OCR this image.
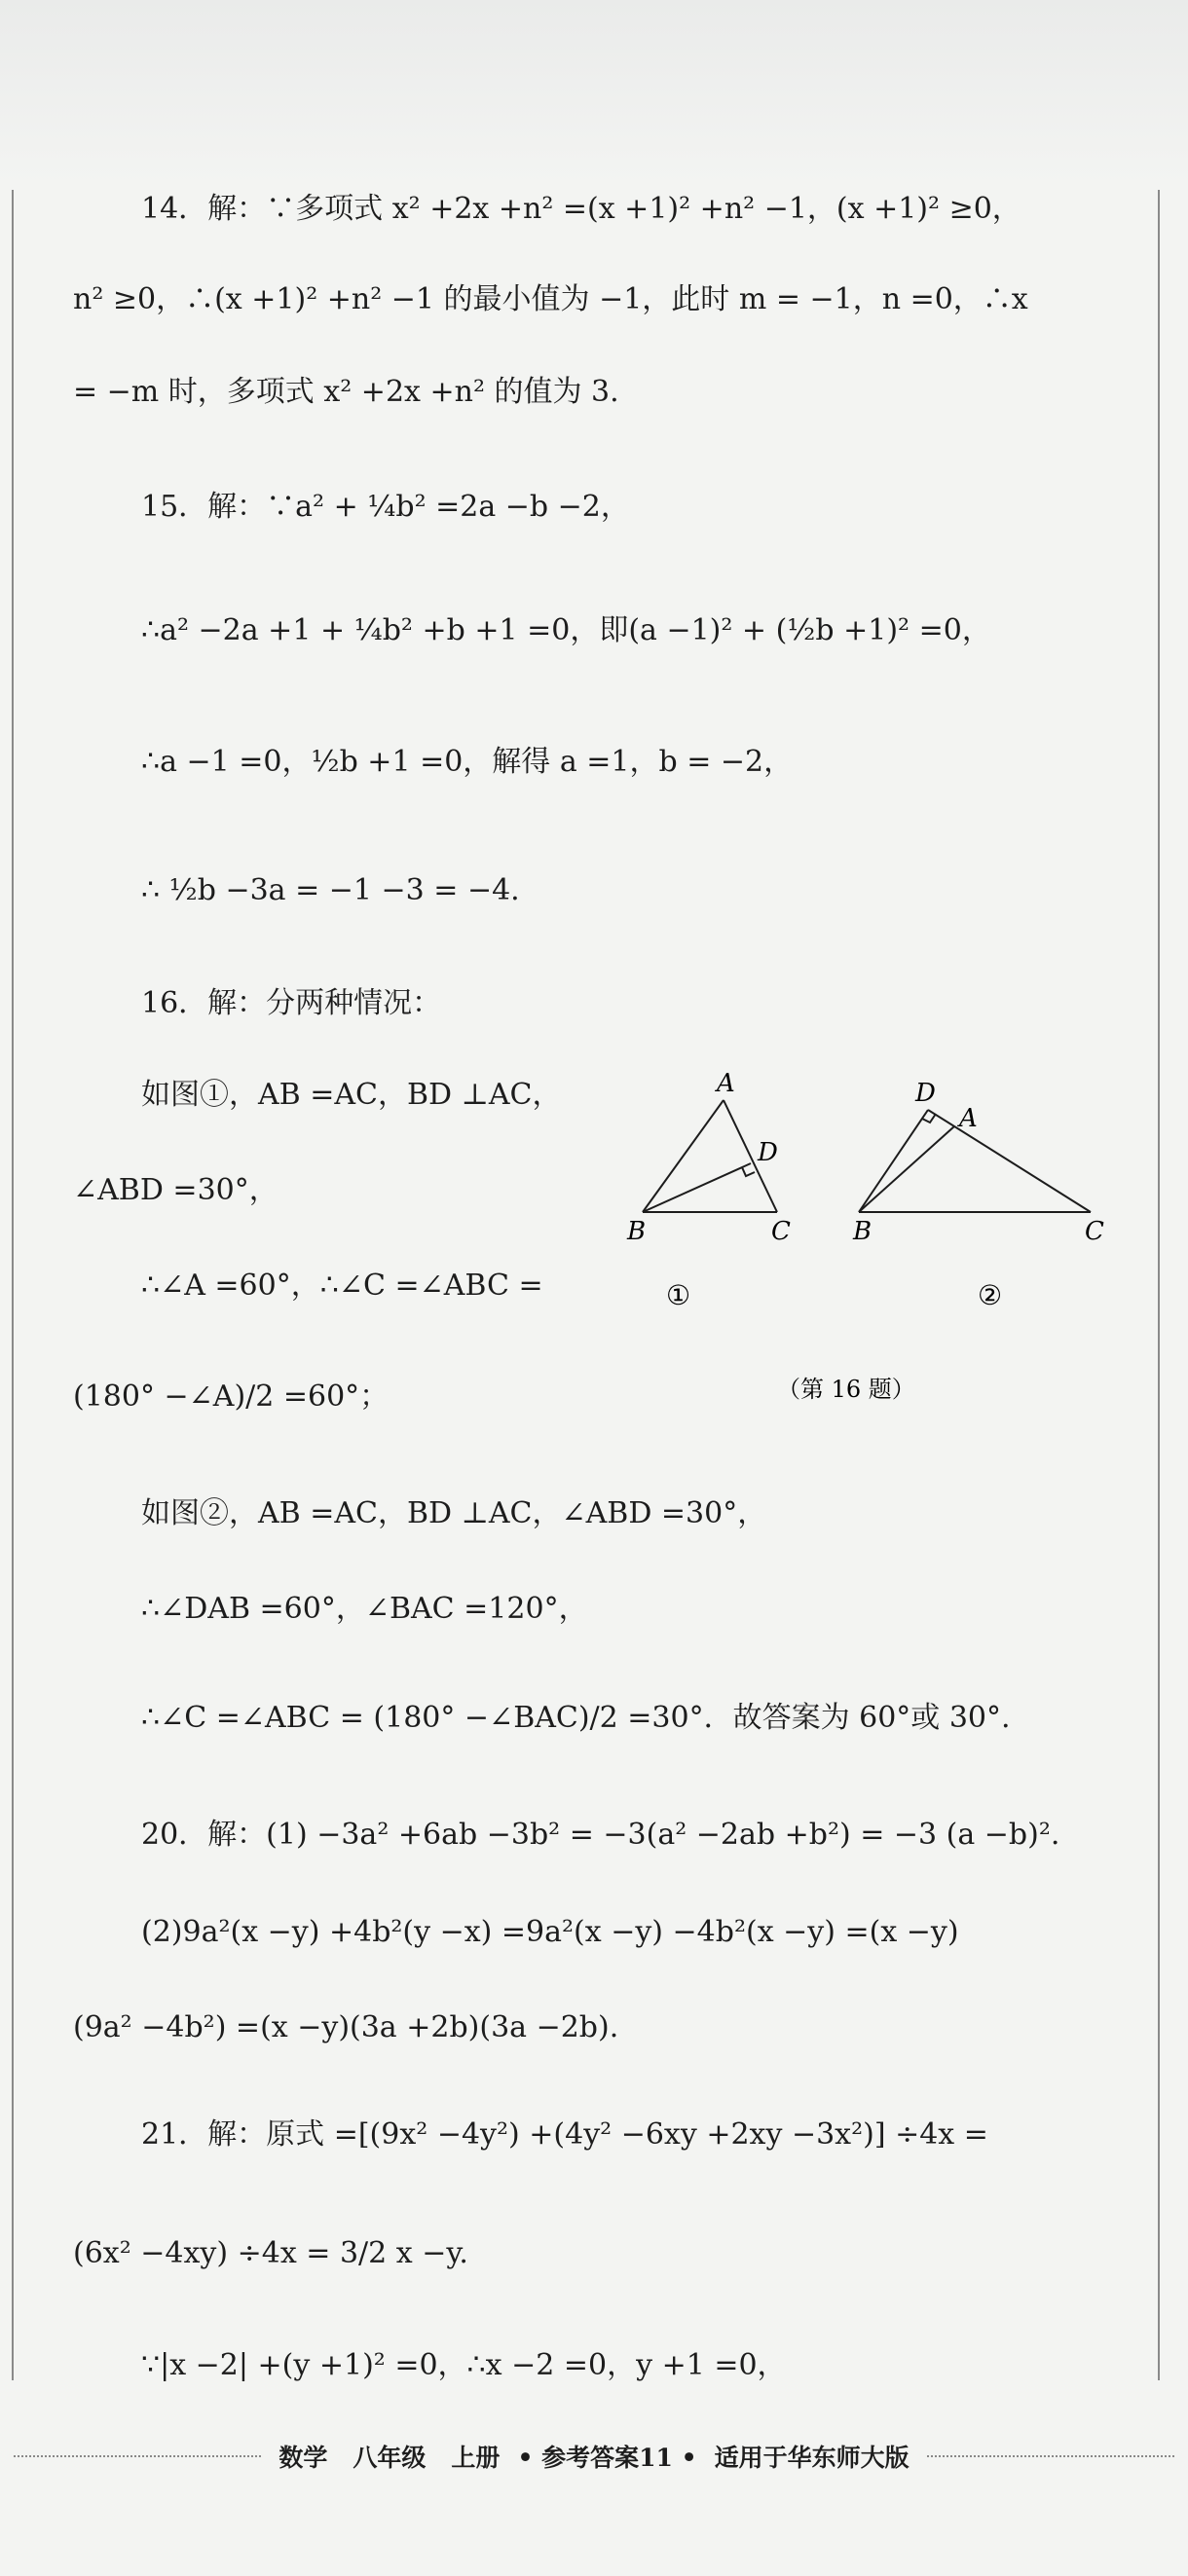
14．解：∵多项式 x² +2x +n² =(x +1)² +n² −1，(x +1)² ≥0，
n² ≥0，∴(x +1)² +n² −1 的最小值为 −1，此时 m = −1，n =0，∴x
= −m 时，多项式 x² +2x +n² 的值为 3.
15．解：∵a² + ¼b² =2a −b −2，
∴a² −2a +1 + ¼b² +b +1 =0，即(a −1)² + (½b +1)² =0，
∴a −1 =0，½b +1 =0，解得 a =1，b = −2，
∴ ½b −3a = −1 −3 = −4.
16．解：分两种情况：
如图①，AB =AC，BD ⊥AC，
∠ABD =30°，
∴∠A =60°，∴∠C =∠ABC =
(180° −∠A)/2 =60°；
如图②，AB =AC，BD ⊥AC，∠ABD =30°，
∴∠DAB =60°，∠BAC =120°，
∴∠C =∠ABC = (180° −∠BAC)/2 =30°．故答案为 60°或 30°.
20．解：(1) −3a² +6ab −3b² = −3(a² −2ab +b²) = −3 (a −b)².
(2)9a²(x −y) +4b²(y −x) =9a²(x −y) −4b²(x −y) =(x −y)
(9a² −4b²) =(x −y)(3a +2b)(3a −2b).
21．解：原式 =[(9x² −4y²) +(4y² −6xy +2xy −3x²)] ÷4x =
(6x² −4xy) ÷4x = 3/2 x −y.
∵|x −2| +(y +1)² =0，∴x −2 =0，y +1 =0，
A
D
B	C
①
D
A
B	C
②
（第 16 题）
数学 八年级 上册 • 参考答案11 • 适用于华东师大版
